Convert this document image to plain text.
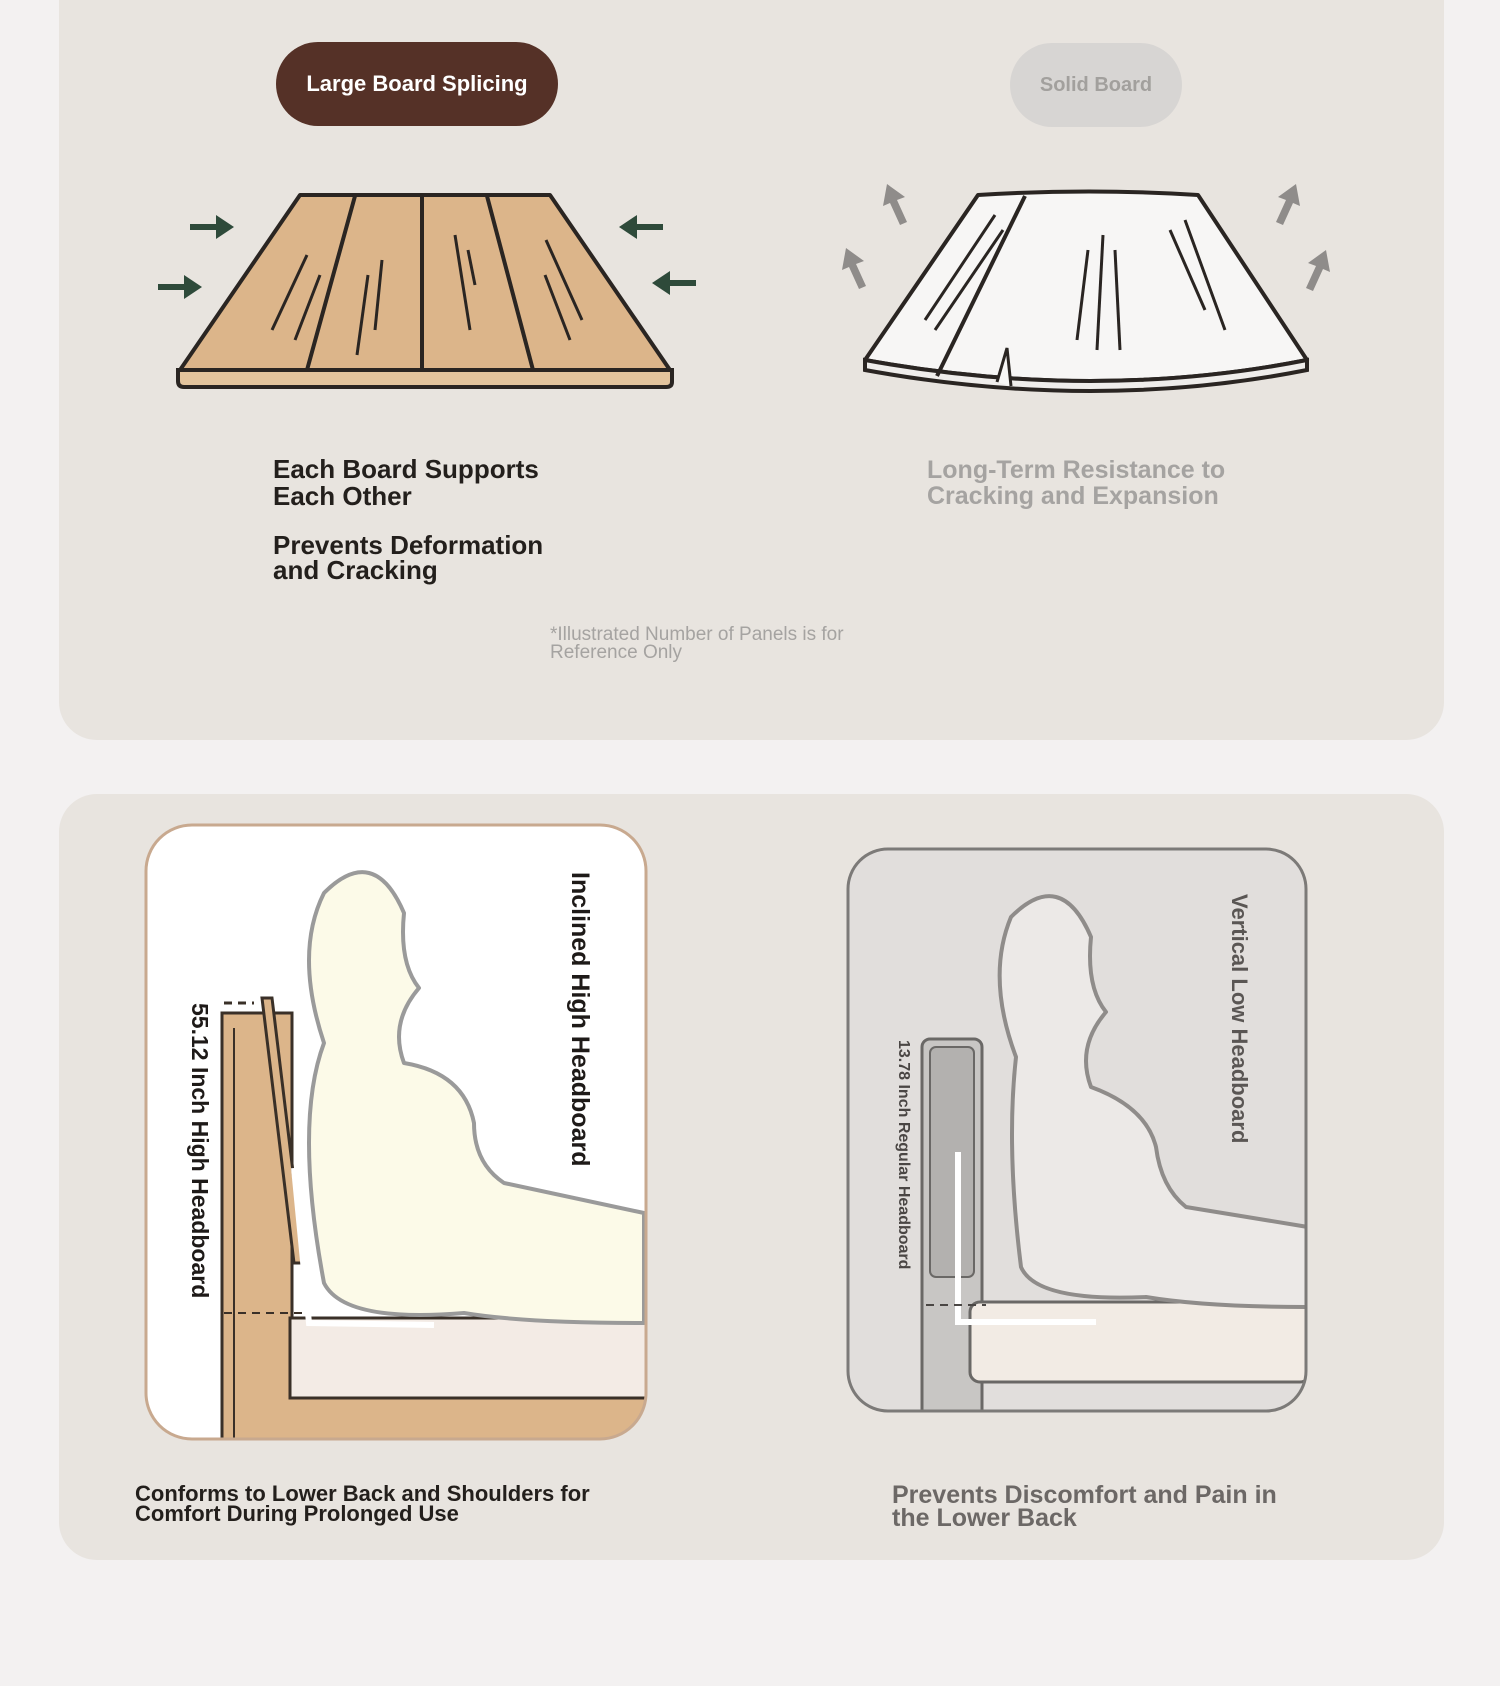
Large Board Splicing	Solid Board
Each Board Supports Each Other
Prevents Deformation and Cracking
Long-Term Resistance to Cracking and Expansion
*Illustrated Number of Panels is for Reference Only
Inclined High Headboard
55.12 Inch High Headboard	Vertical Low Headboard
13.78 Inch Regular Headboard
Conforms to Lower Back and Shoulders for Comfort During Prolonged Use
Prevents Discomfort and Pain in the Lower Back
